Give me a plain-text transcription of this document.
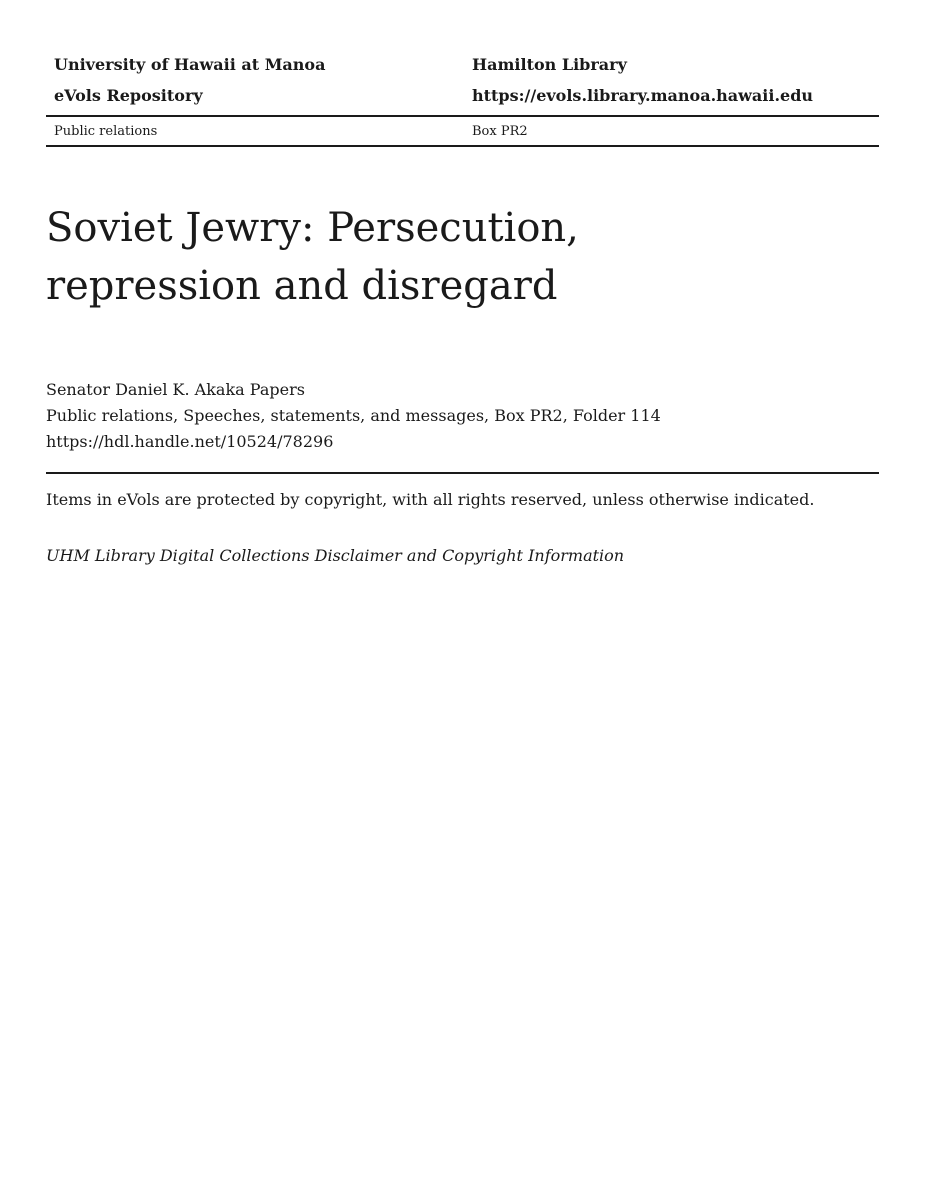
University of Hawaii at Manoa	Hamilton Library
eVols Repository	https://evols.library.manoa.hawaii.edu
Public relations	Box PR2
Soviet Jewry: Persecution, repression and disregard
Senator Daniel K. Akaka Papers
Public relations, Speeches, statements, and messages, Box PR2, Folder 114
https://hdl.handle.net/10524/78296
Items in eVols are protected by copyright, with all rights reserved, unless otherwise indicated.
UHM Library Digital Collections Disclaimer and Copyright Information
